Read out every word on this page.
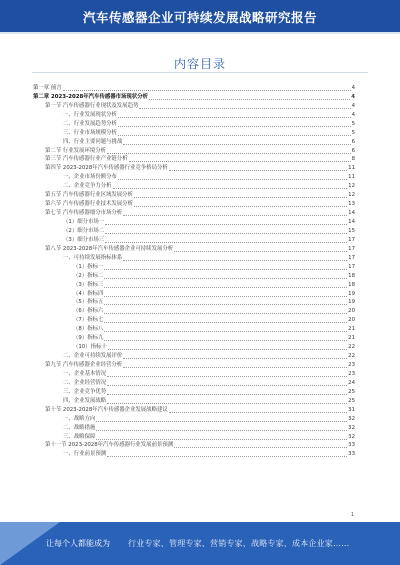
汽车传感器企业可持续发展战略研究报告
内容目录
第一章 前言	4
第二章 2023-2028年汽车传感器市场现状分析	4
第一节 汽车传感器行业现状及发展趋势	4
一、行业发展现状分析	4
二、行业发展趋势分析	5
三、行业市场规模分析	5
四、行业主要问题与挑战	6
第二节 行业发展环境分析	6
第三节 汽车传感器行业产业链分析	8
第四节 2023-2028年汽车传感器行业竞争格局分析	11
一、企业市场份额分布	11
二、企业竞争力分析	12
第五节 汽车传感器行业区域发展分析	12
第六节 汽车传感器行业技术发展分析	13
第七节 汽车传感器细分市场分析	14
（1）细分市场一	14
（2）细分市场二	15
（3）细分市场三	17
第八节 2023-2028年汽车传感器企业可持续发展分析	17
一、可持续发展指标体系	17
（1）指标一	17
（2）指标二	18
（3）指标三	18
（4）指标四	19
（5）指标五	19
（6）指标六	20
（7）指标七	20
（8）指标八	21
（9）指标九	21
（10）指标十	22
二、企业可持续发展评价	22
第九节 汽车传感器企业经营分析	23
一、企业基本情况	23
二、企业经营情况	24
三、企业竞争优势	25
四、企业发展战略	25
第十节 2023-2028年汽车传感器企业发展战略建议	31
一、战略方向	32
二、战略措施	32
三、战略保障	32
第十一节 2023-2028年汽车传感器行业发展前景预测	33
一、行业前景预测	33
1
让每个人都能成为 行业专家、管理专家、营销专家、战略专家、成本企业家……
